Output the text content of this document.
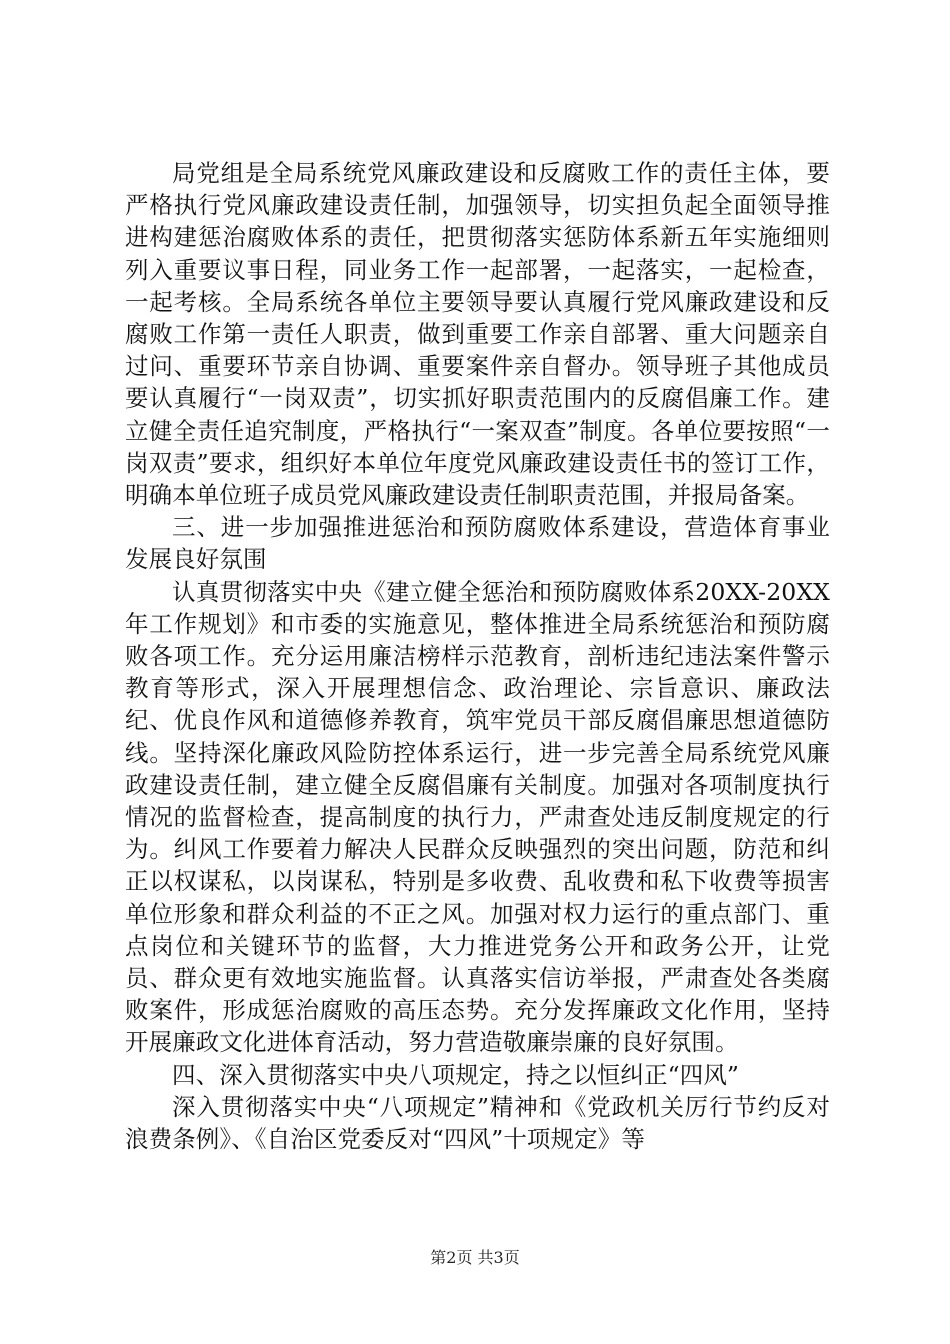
局党组是全局系统党风廉政建设和反腐败工作的责任主体，要严格执行党风廉政建设责任制，加强领导，切实担负起全面领导推进构建惩治腐败体系的责任，把贯彻落实惩防体系新五年实施细则列入重要议事日程，同业务工作一起部署，一起落实，一起检查，一起考核。全局系统各单位主要领导要认真履行党风廉政建设和反腐败工作第一责任人职责，做到重要工作亲自部署、重大问题亲自过问、重要环节亲自协调、重要案件亲自督办。领导班子其他成员要认真履行“一岗双责”，切实抓好职责范围内的反腐倡廉工作。建立健全责任追究制度，严格执行“一案双查”制度。各单位要按照“一岗双责”要求，组织好本单位年度党风廉政建设责任书的签订工作，明确本单位班子成员党风廉政建设责任制职责范围，并报局备案。

三、进一步加强推进惩治和预防腐败体系建设，营造体育事业发展良好氛围

认真贯彻落实中央《建立健全惩治和预防腐败体系20XX-20XX年工作规划》和市委的实施意见，整体推进全局系统惩治和预防腐败各项工作。充分运用廉洁榜样示范教育，剖析违纪违法案件警示教育等形式，深入开展理想信念、政治理论、宗旨意识、廉政法纪、优良作风和道德修养教育，筑牢党员干部反腐倡廉思想道德防线。坚持深化廉政风险防控体系运行，进一步完善全局系统党风廉政建设责任制，建立健全反腐倡廉有关制度。加强对各项制度执行情况的监督检查，提高制度的执行力，严肃查处违反制度规定的行为。纠风工作要着力解决人民群众反映强烈的突出问题，防范和纠正以权谋私，以岗谋私，特别是多收费、乱收费和私下收费等损害单位形象和群众利益的不正之风。加强对权力运行的重点部门、重点岗位和关键环节的监督，大力推进党务公开和政务公开，让党员、群众更有效地实施监督。认真落实信访举报，严肃查处各类腐败案件，形成惩治腐败的高压态势。充分发挥廉政文化作用，坚持开展廉政文化进体育活动，努力营造敬廉崇廉的良好氛围。

四、深入贯彻落实中央八项规定，持之以恒纠正“四风”

深入贯彻落实中央“八项规定”精神和《党政机关厉行节约反对浪费条例》、《自治区党委反对“四风”十项规定》等

第2页 共3页
